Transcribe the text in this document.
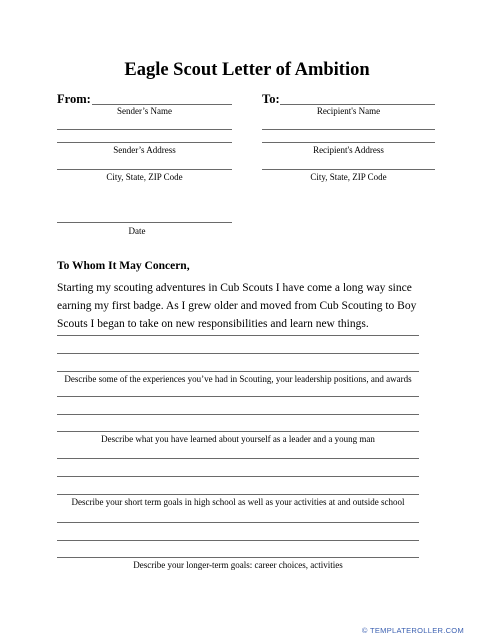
Eagle Scout Letter of Ambition
From:
Sender’s Name
Sender’s Address
City, State, ZIP Code
Date
To:
Recipient's Name
Recipient's Address
City, State, ZIP Code
To Whom It May Concern,
Starting my scouting adventures in Cub Scouts I have come a long way since earning my first badge. As I grew older and moved from Cub Scouting to Boy Scouts I began to take on new responsibilities and learn new things.
Describe some of the experiences you’ve had in Scouting, your leadership positions, and awards
Describe what you have learned about yourself as a leader and a young man
Describe your short term goals in high school as well as your activities at and outside school
Describe your longer-term goals: career choices, activities
© TEMPLATEROLLER.COM
